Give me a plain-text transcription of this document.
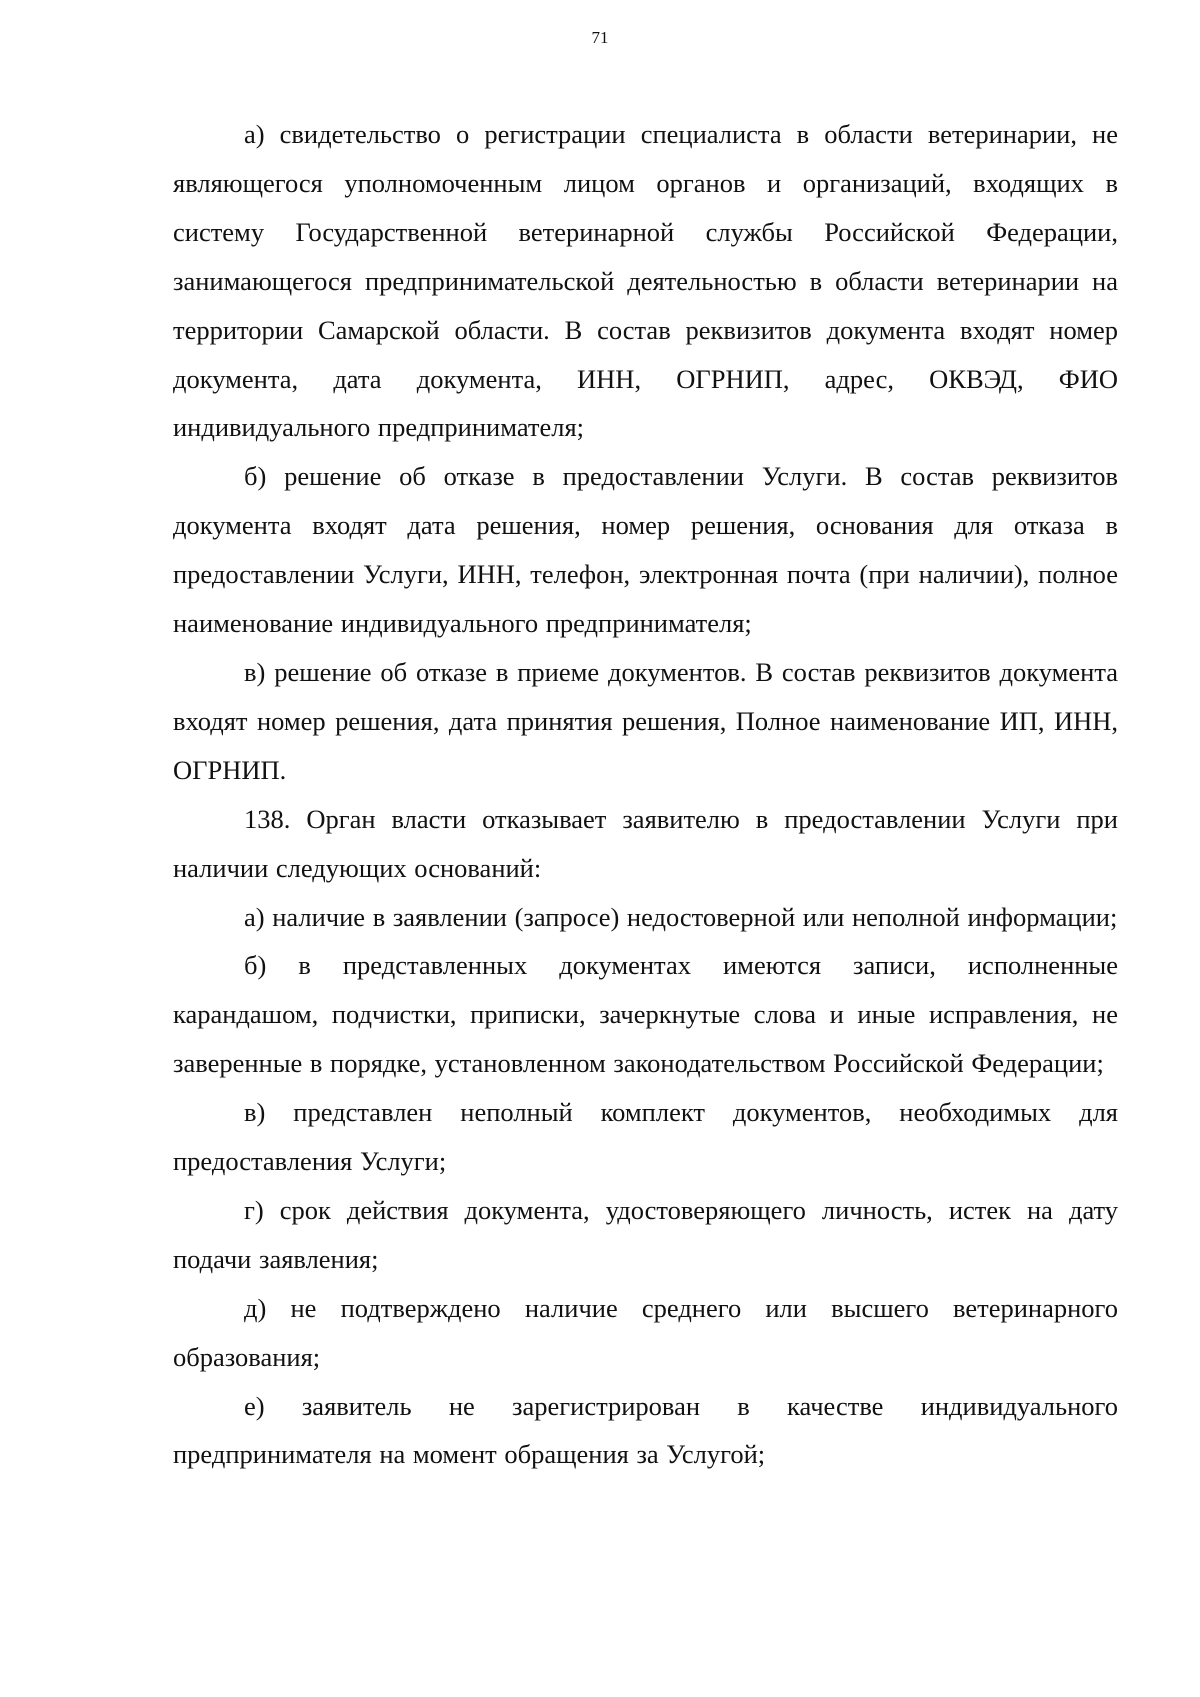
71

а) свидетельство о регистрации специалиста в области ветеринарии, не являющегося уполномоченным лицом органов и организаций, входящих в систему Государственной ветеринарной службы Российской Федерации, занимающегося предпринимательской деятельностью в области ветеринарии на территории Самарской области. В состав реквизитов документа входят номер документа, дата документа, ИНН, ОГРНИП, адрес, ОКВЭД, ФИО индивидуального предпринимателя;

б) решение об отказе в предоставлении Услуги. В состав реквизитов документа входят дата решения, номер решения, основания для отказа в предоставлении Услуги, ИНН, телефон, электронная почта (при наличии), полное наименование индивидуального предпринимателя;

в) решение об отказе в приеме документов. В состав реквизитов документа входят номер решения, дата принятия решения, Полное наименование ИП, ИНН, ОГРНИП.

138. Орган власти отказывает заявителю в предоставлении Услуги при наличии следующих оснований:

а) наличие в заявлении (запросе) недостоверной или неполной информации;

б) в представленных документах имеются записи, исполненные карандашом, подчистки, приписки, зачеркнутые слова и иные исправления, не заверенные в порядке, установленном законодательством Российской Федерации;

в) представлен неполный комплект документов, необходимых для предоставления Услуги;

г) срок действия документа, удостоверяющего личность, истек на дату подачи заявления;

д) не подтверждено наличие среднего или высшего ветеринарного образования;

е) заявитель не зарегистрирован в качестве индивидуального предпринимателя на момент обращения за Услугой;
